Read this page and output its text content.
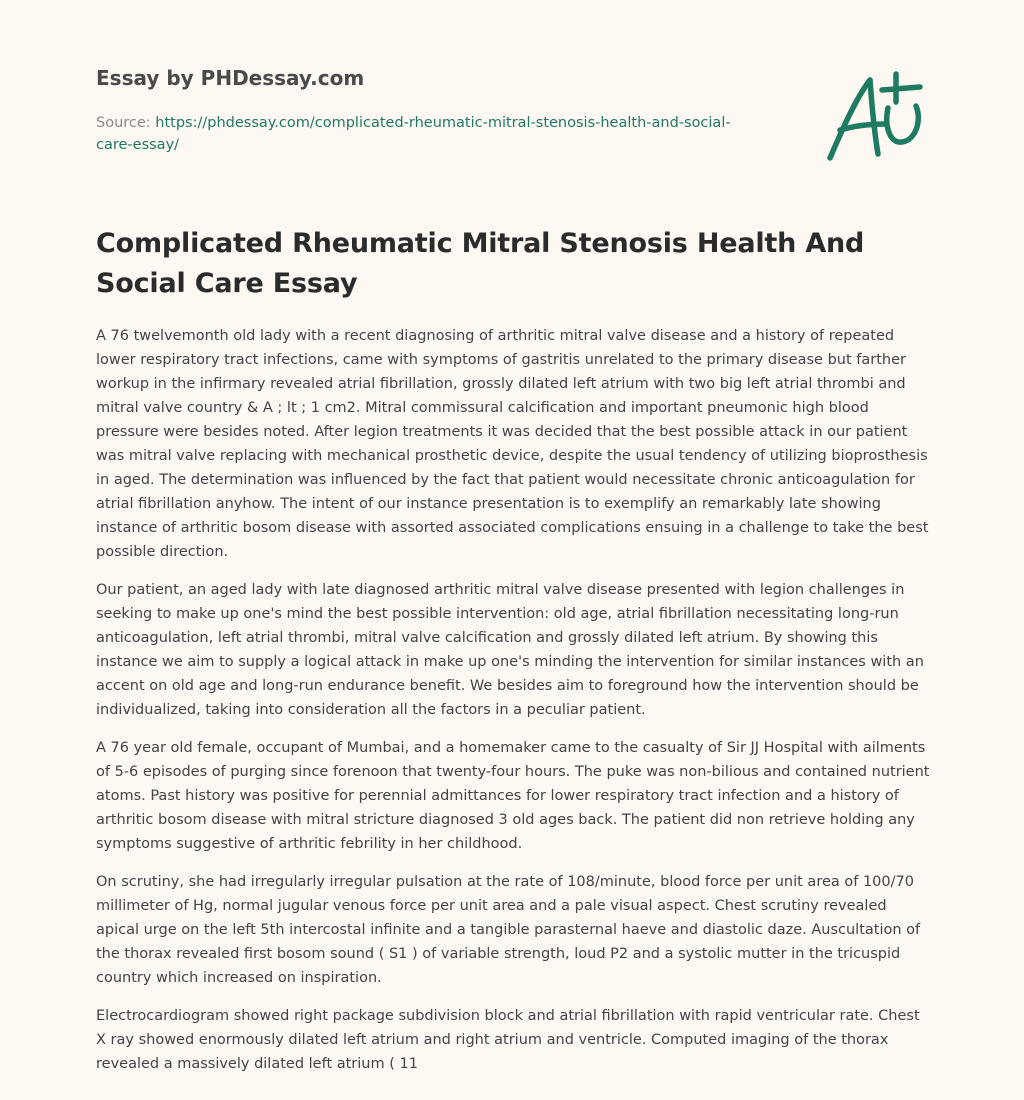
Essay by PHDessay.com
Source: https://phdessay.com/complicated-rheumatic-mitral-stenosis-health-and-social-care-essay/
Complicated Rheumatic Mitral Stenosis Health And Social Care Essay

A 76 twelvemonth old lady with a recent diagnosing of arthritic mitral valve disease and a history of repeated lower respiratory tract infections, came with symptoms of gastritis unrelated to the primary disease but farther workup in the infirmary revealed atrial fibrillation, grossly dilated left atrium with two big left atrial thrombi and mitral valve country & A ; lt ; 1 cm2. Mitral commissural calcification and important pneumonic high blood pressure were besides noted. After legion treatments it was decided that the best possible attack in our patient was mitral valve replacing with mechanical prosthetic device, despite the usual tendency of utilizing bioprosthesis in aged. The determination was influenced by the fact that patient would necessitate chronic anticoagulation for atrial fibrillation anyhow. The intent of our instance presentation is to exemplify an remarkably late showing instance of arthritic bosom disease with assorted associated complications ensuing in a challenge to take the best possible direction.

Our patient, an aged lady with late diagnosed arthritic mitral valve disease presented with legion challenges in seeking to make up one's mind the best possible intervention: old age, atrial fibrillation necessitating long-run anticoagulation, left atrial thrombi, mitral valve calcification and grossly dilated left atrium. By showing this instance we aim to supply a logical attack in make up one's minding the intervention for similar instances with an accent on old age and long-run endurance benefit. We besides aim to foreground how the intervention should be individualized, taking into consideration all the factors in a peculiar patient.

A 76 year old female, occupant of Mumbai, and a homemaker came to the casualty of Sir JJ Hospital with ailments of 5-6 episodes of purging since forenoon that twenty-four hours. The puke was non-bilious and contained nutrient atoms. Past history was positive for perennial admittances for lower respiratory tract infection and a history of arthritic bosom disease with mitral stricture diagnosed 3 old ages back. The patient did non retrieve holding any symptoms suggestive of arthritic febrility in her childhood.

On scrutiny, she had irregularly irregular pulsation at the rate of 108/minute, blood force per unit area of 100/70 millimeter of Hg, normal jugular venous force per unit area and a pale visual aspect. Chest scrutiny revealed apical urge on the left 5th intercostal infinite and a tangible parasternal haeve and diastolic daze. Auscultation of the thorax revealed first bosom sound ( S1 ) of variable strength, loud P2 and a systolic mutter in the tricuspid country which increased on inspiration.

Electrocardiogram showed right package subdivision block and atrial fibrillation with rapid ventricular rate. Chest X ray showed enormously dilated left atrium and right atrium and ventricle. Computed imaging of the thorax revealed a massively dilated left atrium ( 11
